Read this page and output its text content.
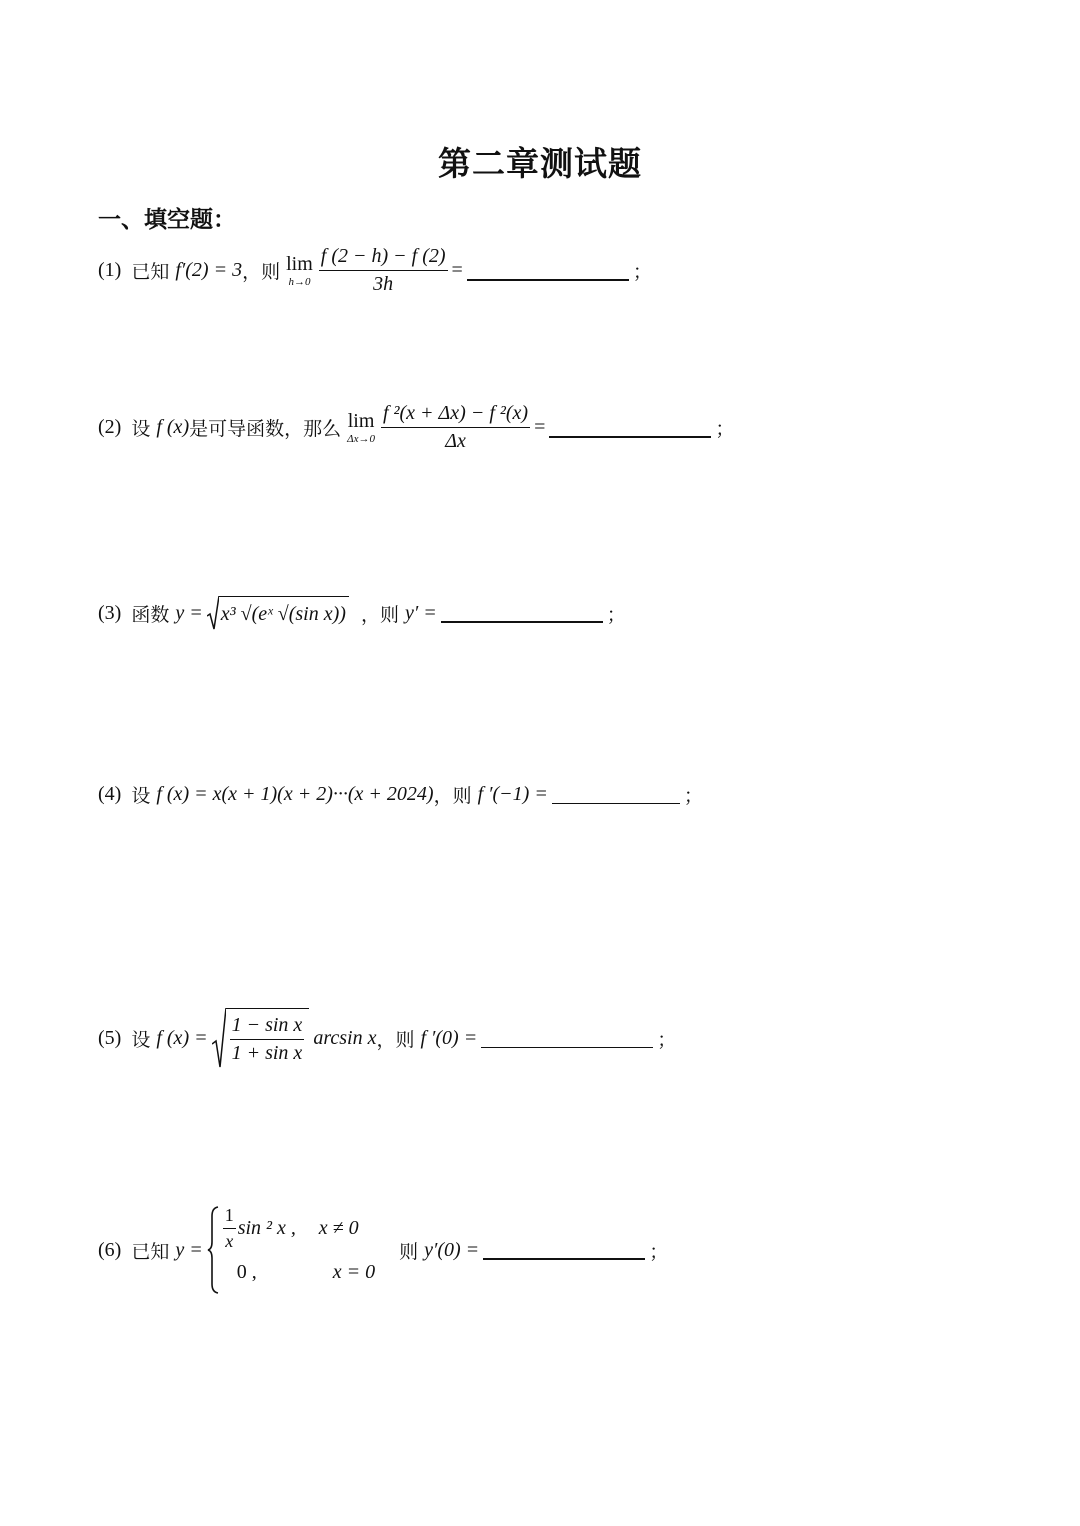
第二章测试题
一、填空题：
(1) 已知 f′(2) = 3 ，则 lim
$h\to 0 \frac{f (2 - h) - f (2)}{3h}$ =	；
(2) 设 f (x) 是可导函数，那么 lim
$\Delta x\to 0 \frac{\text{f ²(x + Δx) − f ²(x)}}{\Delta x}$ =	；
(3) 函数 y = x³ √(eˣ √(sin x)) ，则 y′ =	；
(4) 设 f (x) = x(x + 1)(x + 2)···(x + 2024) ，则 f ′(−1) =	；
(5) 设 f $(x) = \frac{\text{1 − sin x}}{\text{1 + sin x}}$ arcsin x ，则 f ′(0) =	；
(6) 已知 $y = \frac{1}{x}$ sin ² x , x ≠ 0
0 ,	x = 0
则 y′(0) =	；
